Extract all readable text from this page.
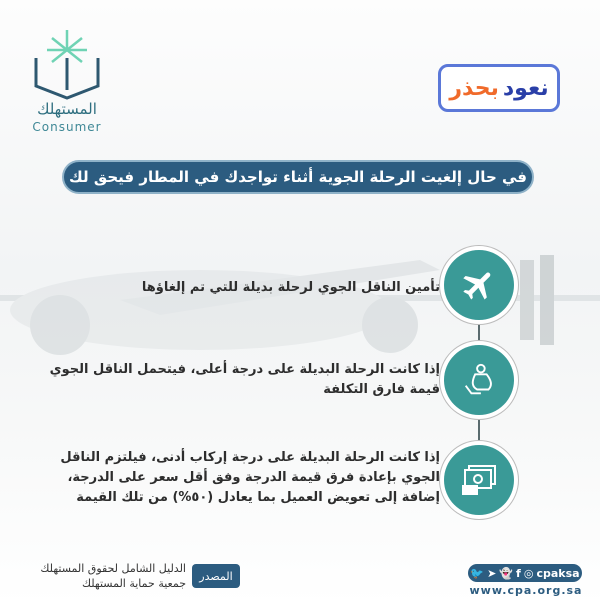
المستهلك
Consumer
نعود
بحذر
في حال إلغيت الرحلة الجوية أثناء تواجدك في المطار فيحق لك
تأمين الناقل الجوي لرحلة بديلة للتي تم إلغاؤها
إذا كانت الرحلة البديلة على درجة أعلى، فيتحمل الناقل الجوي قيمة فارق التكلفة
إذا كانت الرحلة البديلة على درجة إركاب أدنى، فيلتزم الناقل الجوي بإعادة فرق قيمة الدرجة وفق أقل سعر على الدرجة، إضافة إلى تعويض العميل بما يعادل (٥٠%) من تلك القيمة
المصدر
الدليل الشامل لحقوق المستهلك
جمعية حماية المستهلك
🐦 ➤ 👻 f ◎ cpaksa
www.cpa.org.sa
